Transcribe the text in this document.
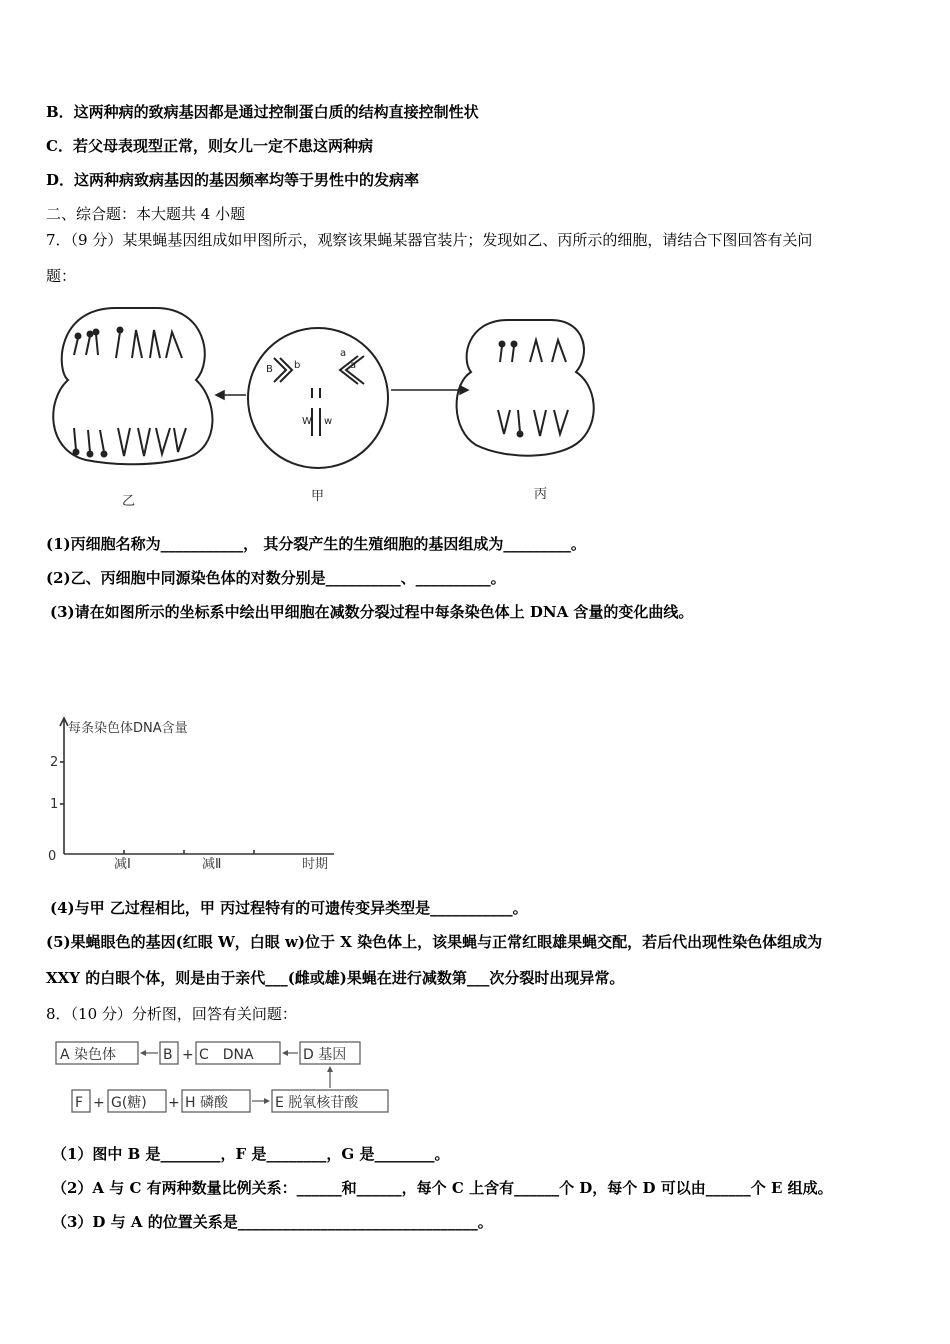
B．这两种病的致病基因都是通过控制蛋白质的结构直接控制性状
C．若父母表现型正常，则女儿一定不患这两种病
D．这两种病致病基因的基因频率均等于男性中的发病率
二、综合题：本大题共 4 小题
7．（9 分）某果蝇基因组成如甲图所示，观察该果蝇某器官装片；发现如乙、丙所示的细胞，请结合下图回答有关问
题：
B b
a
a
W w
乙	甲	丙
(1)丙细胞名称为___________， 其分裂产生的生殖细胞的基因组成为_________。
(2)乙、丙细胞中同源染色体的对数分别是__________、__________。
(3)请在如图所示的坐标系中绘出甲细胞在减数分裂过程中每条染色体上 DNA 含量的变化曲线。
每条染色体DNA含量
2
1
0
减Ⅰ	减Ⅱ	时期
(4)与甲 乙过程相比，甲 丙过程特有的可遗传变异类型是___________。
(5)果蝇眼色的基因(红眼 W，白眼 w)位于 X 染色体上，该果蝇与正常红眼雄果蝇交配，若后代出现性染色体组成为
XXY 的白眼个体，则是由于亲代___(雌或雄)果蝇在进行减数第___次分裂时出现异常。
8．（10 分）分析图，回答有关问题：
A 染色体	B + C　DNA	D 基因
F + G(糖) + H 磷酸	E 脱氧核苷酸
（1）图中 B 是________，F 是________，G 是________。
（2）A 与 C 有两种数量比例关系：______和______，每个 C 上含有______个 D，每个 D 可以由______个 E 组成。
（3）D 与 A 的位置关系是________________________________。
